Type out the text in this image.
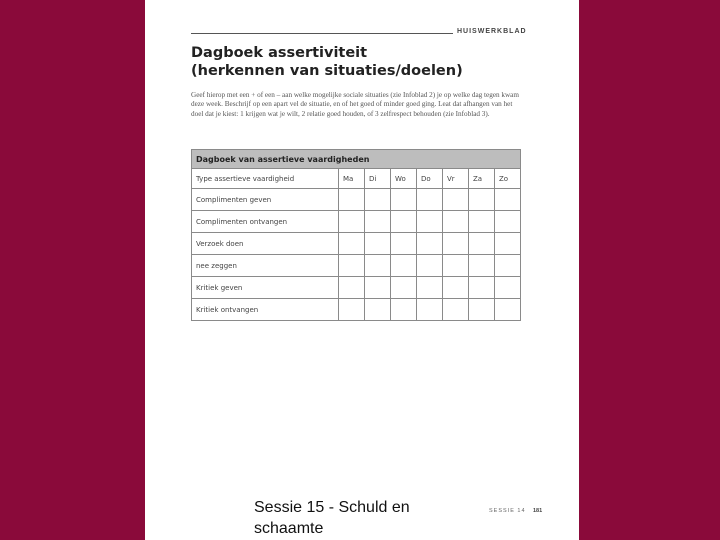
HUISWERKBLAD
Dagboek assertiviteit
(herkennen van situaties/doelen)
Geef hierop met een + of een – aan welke mogelijke sociale situaties (zie Infoblad 2) je op welke dag tegen kwam deze week. Beschrijf op een apart vel de situatie, en of het goed of minder goed ging. Leat dat afhangen van het doel dat je kiest: 1 krijgen wat je wilt, 2 relatie goed houden, of 3 zelfrespect behouden (zie Infoblad 3).
Dagboek van assertieve vaardigheden							
Type assertieve vaardigheid	Ma	Di	Wo	Do	Vr	Za	Zo
Complimenten geven							
Complimenten ontvangen							
Verzoek doen							
nee zeggen							
Kritiek geven							
Kritiek ontvangen							
SESSIE 14 181
Sessie 15 - Schuld en schaamte
